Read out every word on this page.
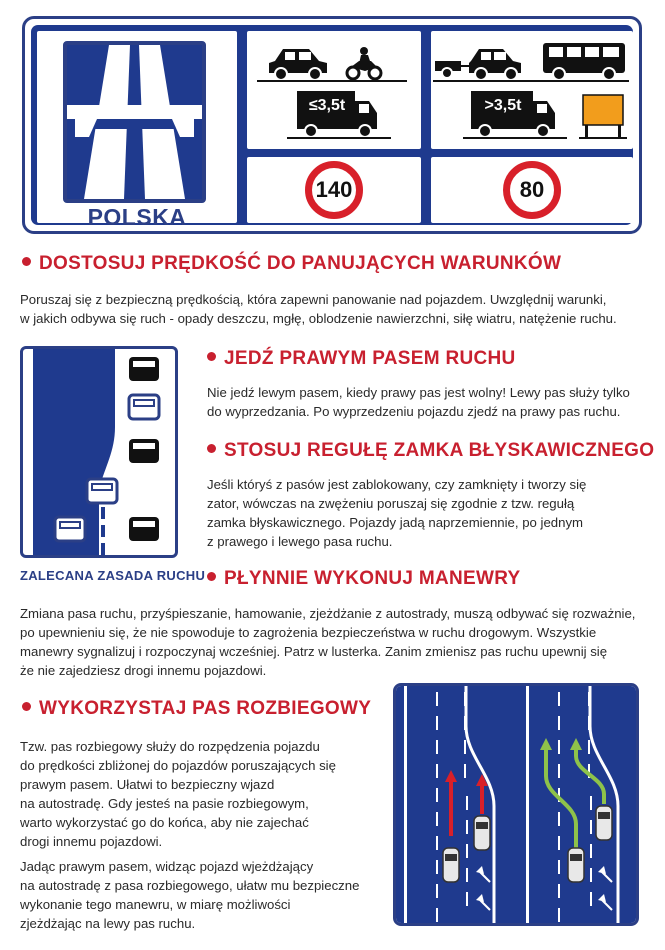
POLSKA
≤3,5t	>3,5t
140	80
DOSTOSUJ PRĘDKOŚĆ DO PANUJĄCYCH WARUNKÓW
Poruszaj się z bezpieczną prędkością, która zapewni panowanie nad pojazdem. Uwzględnij warunki,
w jakich odbywa się ruch - opady deszczu, mgłę, oblodzenie nawierzchni, siłę wiatru, natężenie ruchu.
ZALECANA ZASADA RUCHU
JEDŹ PRAWYM PASEM RUCHU
Nie jedź lewym pasem, kiedy prawy pas jest wolny! Lewy pas służy tylko
do wyprzedzania. Po wyprzedzeniu pojazdu zjedź na prawy pas ruchu.
STOSUJ REGUŁĘ ZAMKA BŁYSKAWICZNEGO
Jeśli któryś z pasów jest zablokowany, czy zamknięty i tworzy się
zator, wówczas na zwężeniu poruszaj się zgodnie z tzw. regułą
zamka błyskawicznego. Pojazdy jadą naprzemiennie, po jednym
z prawego i lewego pasa ruchu.
PŁYNNIE WYKONUJ MANEWRY
Zmiana pasa ruchu, przyśpieszanie, hamowanie, zjeżdżanie z autostrady, muszą odbywać się rozważnie,
po upewnieniu się, że nie spowoduje to zagrożenia bezpieczeństwa w ruchu drogowym. Wszystkie
manewry sygnalizuj i rozpoczynaj wcześniej. Patrz w lusterka. Zanim zmienisz pas ruchu upewnij się
że nie zajedziesz drogi innemu pojazdowi.
WYKORZYSTAJ PAS ROZBIEGOWY
Tzw. pas rozbiegowy służy do rozpędzenia pojazdu
do prędkości zbliżonej do pojazdów poruszających się
prawym pasem. Ułatwi to bezpieczny wjazd
na autostradę. Gdy jesteś na pasie rozbiegowym,
warto wykorzystać go do końca, aby nie zajechać
drogi innemu pojazdowi.
Jadąc prawym pasem, widząc pojazd wjeżdżający
na autostradę z pasa rozbiegowego, ułatw mu bezpieczne
wykonanie tego manewru, w miarę możliwości
zjeżdżając na lewy pas ruchu.
